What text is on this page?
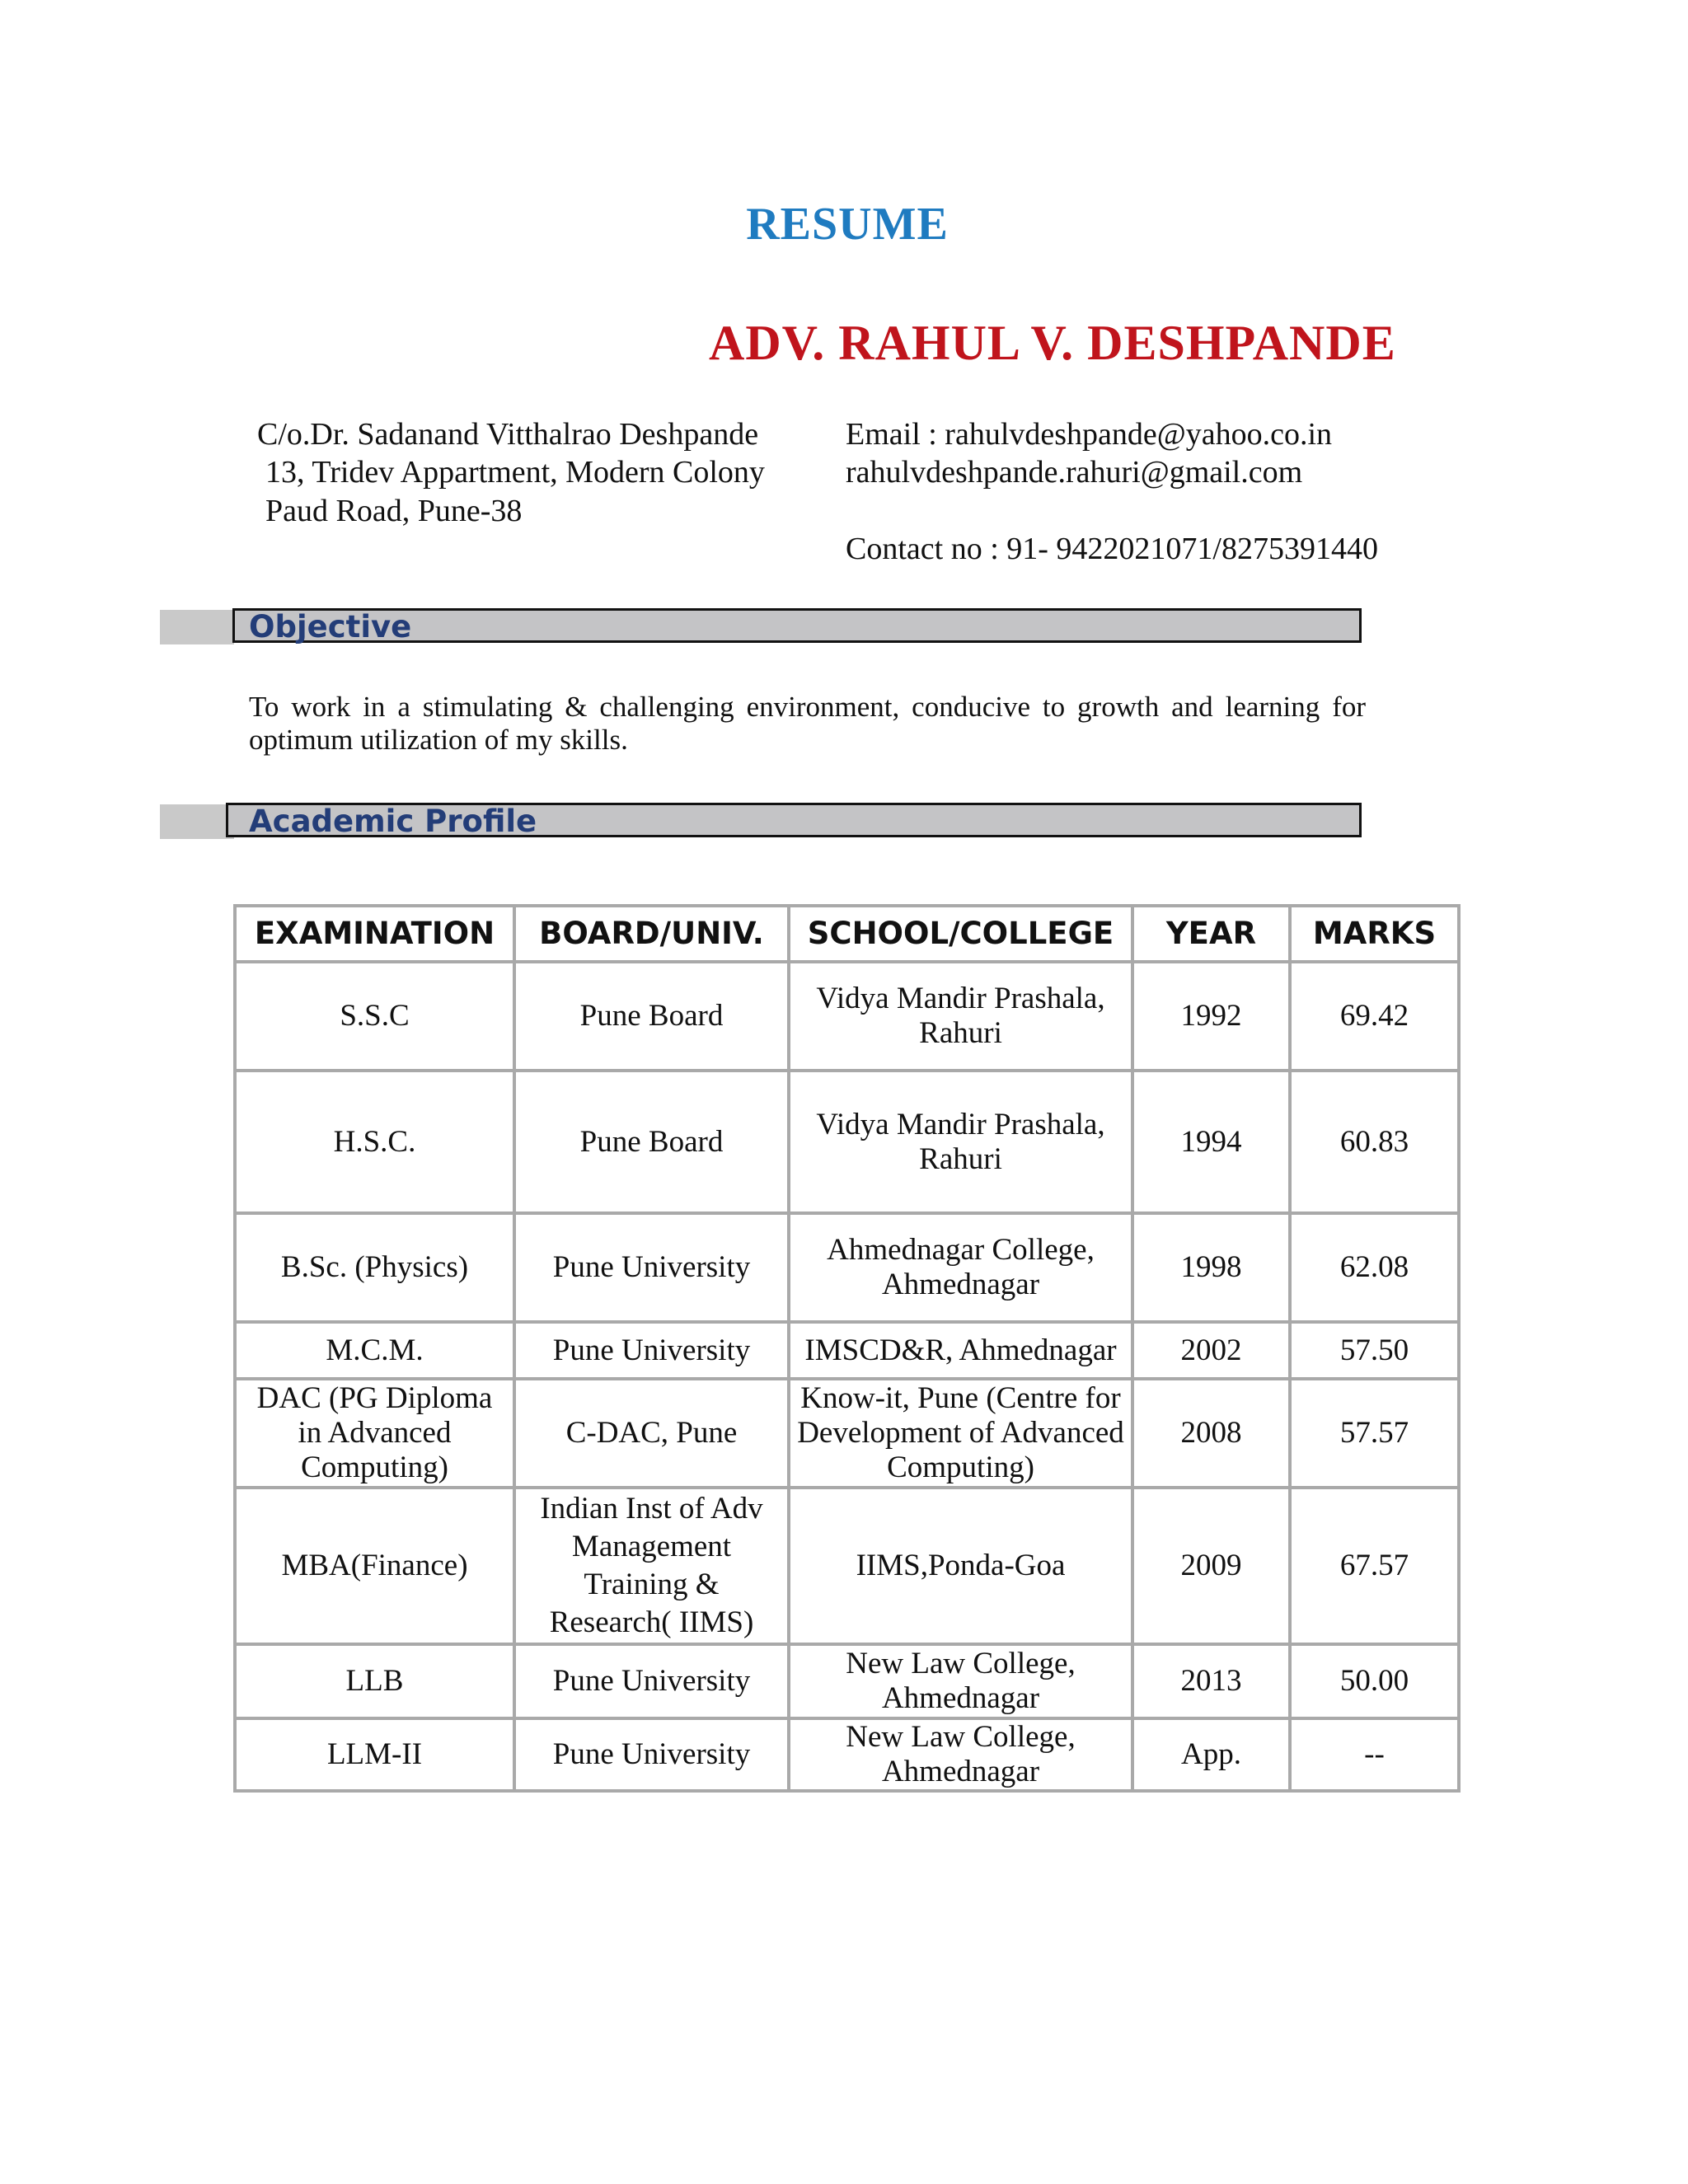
RESUME
ADV. RAHUL V. DESHPANDE
C/o.Dr. Sadanand Vitthalrao Deshpande
13, Tridev Appartment, Modern Colony
Paud Road, Pune-38
Email : rahulvdeshpande@yahoo.co.in
rahulvdeshpande.rahuri@gmail.com
Contact no : 91- 9422021071/8275391440
Objective
To work in a stimulating & challenging environment, conducive to growth and learning for optimum utilization of my skills.
Academic Profile
EXAMINATION	BOARD/UNIV.	SCHOOL/COLLEGE	YEAR	MARKS
S.S.C	Pune Board	Vidya Mandir Prashala, Rahuri	1992	69.42
H.S.C.	Pune Board	Vidya Mandir Prashala, Rahuri	1994	60.83
B.Sc. (Physics)	Pune University	Ahmednagar College, Ahmednagar	1998	62.08
M.C.M.	Pune University	IMSCD&R, Ahmednagar	2002	57.50
DAC (PG Diploma in Advanced Computing)	C-DAC, Pune	Know-it, Pune (Centre for Development of Advanced Computing)	2008	57.57
MBA(Finance)	Indian Inst of Adv Management Training & Research( IIMS)	IIMS,Ponda-Goa	2009	67.57
LLB	Pune University	New Law College, Ahmednagar	2013	50.00
LLM-II	Pune University	New Law College, Ahmednagar	App.	--
